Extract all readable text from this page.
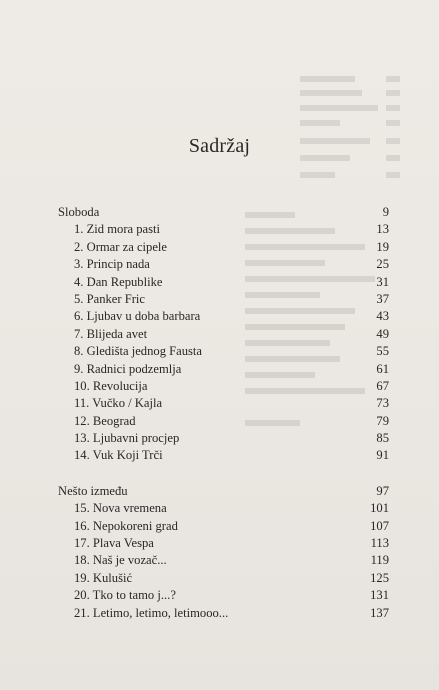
Sadržaj
Sloboda	9
1. Zid mora pasti	13
2. Ormar za cipele	19
3. Princip nada	25
4. Dan Republike	31
5. Panker Fric	37
6. Ljubav u doba barbara	43
7. Blijeda avet	49
8. Gledišta jednog Fausta	55
9. Radnici podzemlja	61
10. Revolucija	67
11. Vučko / Kajla	73
12. Beograd	79
13. Ljubavni procjep	85
14. Vuk Koji Trči	91
Nešto između	97
15. Nova vremena	101
16. Nepokoreni grad	107
17. Plava Vespa	113
18. Naš je vozač...	119
19. Kulušić	125
20. Tko to tamo j...?	131
21. Letimo, letimo, letimooo...	137
